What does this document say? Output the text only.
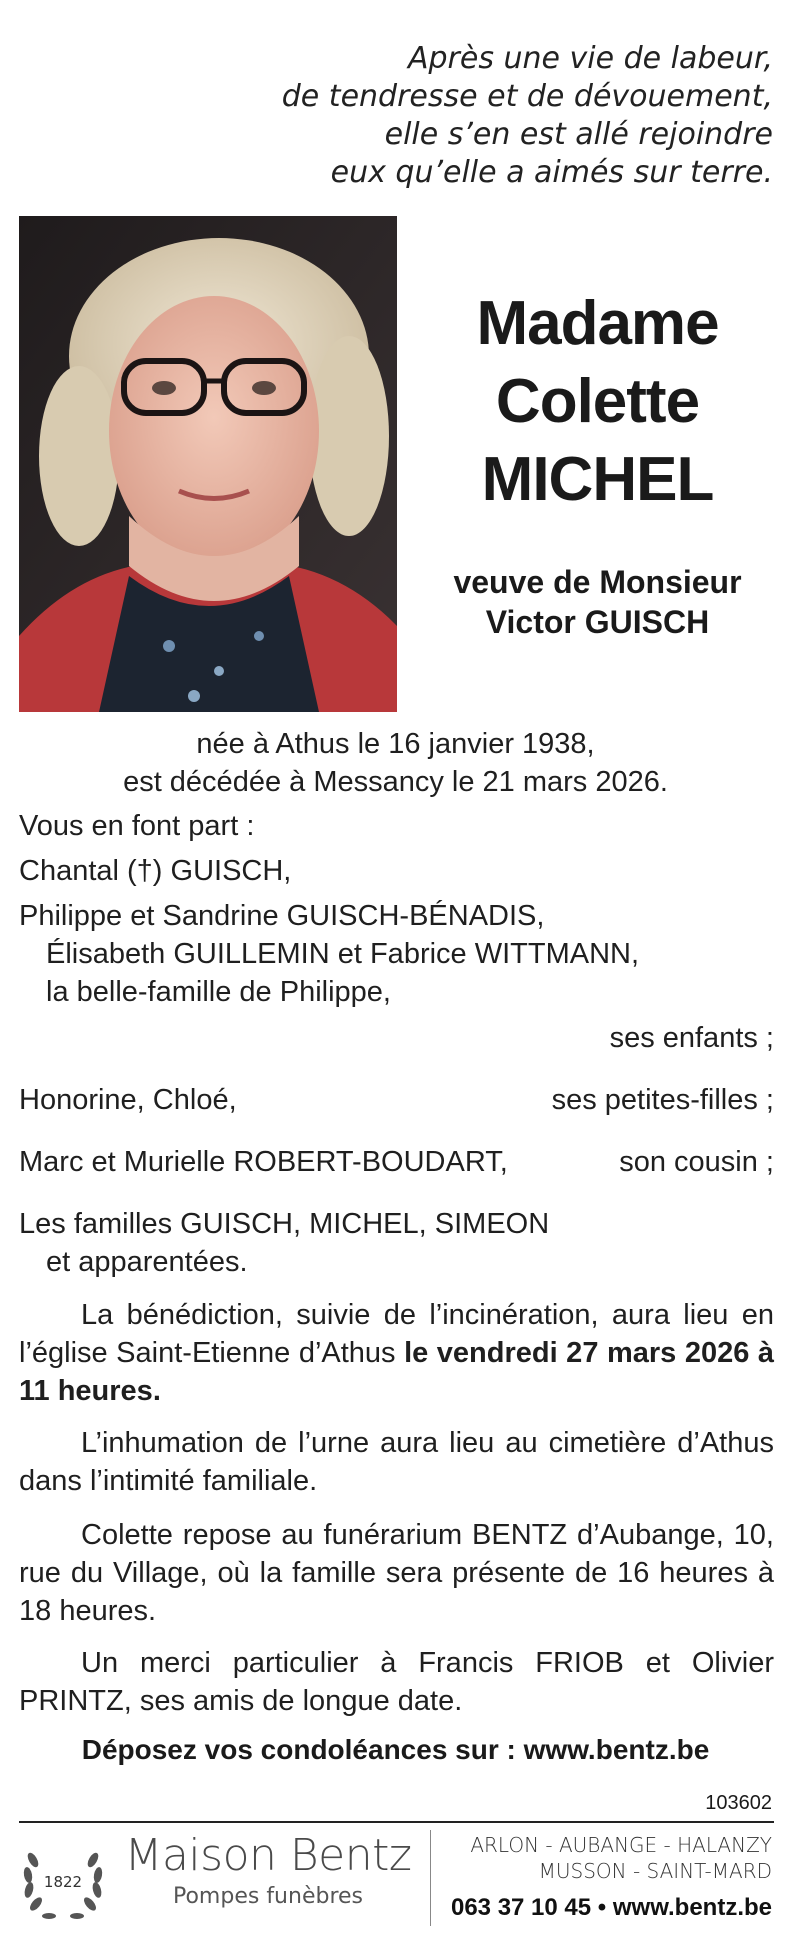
Après une vie de labeur,
de tendresse et de dévouement,
elle s’en est allé rejoindre
eux qu’elle a aimés sur terre.
Madame
Colette
MICHEL
veuve de Monsieur
Victor GUISCH
née à Athus le 16 janvier 1938,
est décédée à Messancy le 21 mars 2026.
Vous en font part :
Chantal (†) GUISCH,
Philippe et Sandrine GUISCH-BÉNADIS,
Élisabeth GUILLEMIN et Fabrice WITTMANN,
la belle-famille de Philippe,
ses enfants ;
Honorine, Chloé,	ses petites-filles ;
Marc et Murielle ROBERT-BOUDART,	son cousin ;
Les familles GUISCH, MICHEL, SIMEON
et apparentées.
La bénédiction, suivie de l’incinération, aura lieu en l’église Saint-Etienne d’Athus le vendredi 27 mars 2026 à 11 heures.
L’inhumation de l’urne aura lieu au cimetière d’Athus dans l’intimité familiale.
Colette repose au funérarium BENTZ d’Aubange, 10, rue du Village, où la famille sera présente de 16 heures à 18 heures.
Un merci particulier à Francis FRIOB et Olivier PRINTZ, ses amis de longue date.
Déposez vos condoléances sur : www.bentz.be
103602
1822
Maison Bentz
Pompes funèbres
ARLON - AUBANGE - HALANZY
MUSSON - SAINT-MARD
063 37 10 45 • www.bentz.be
